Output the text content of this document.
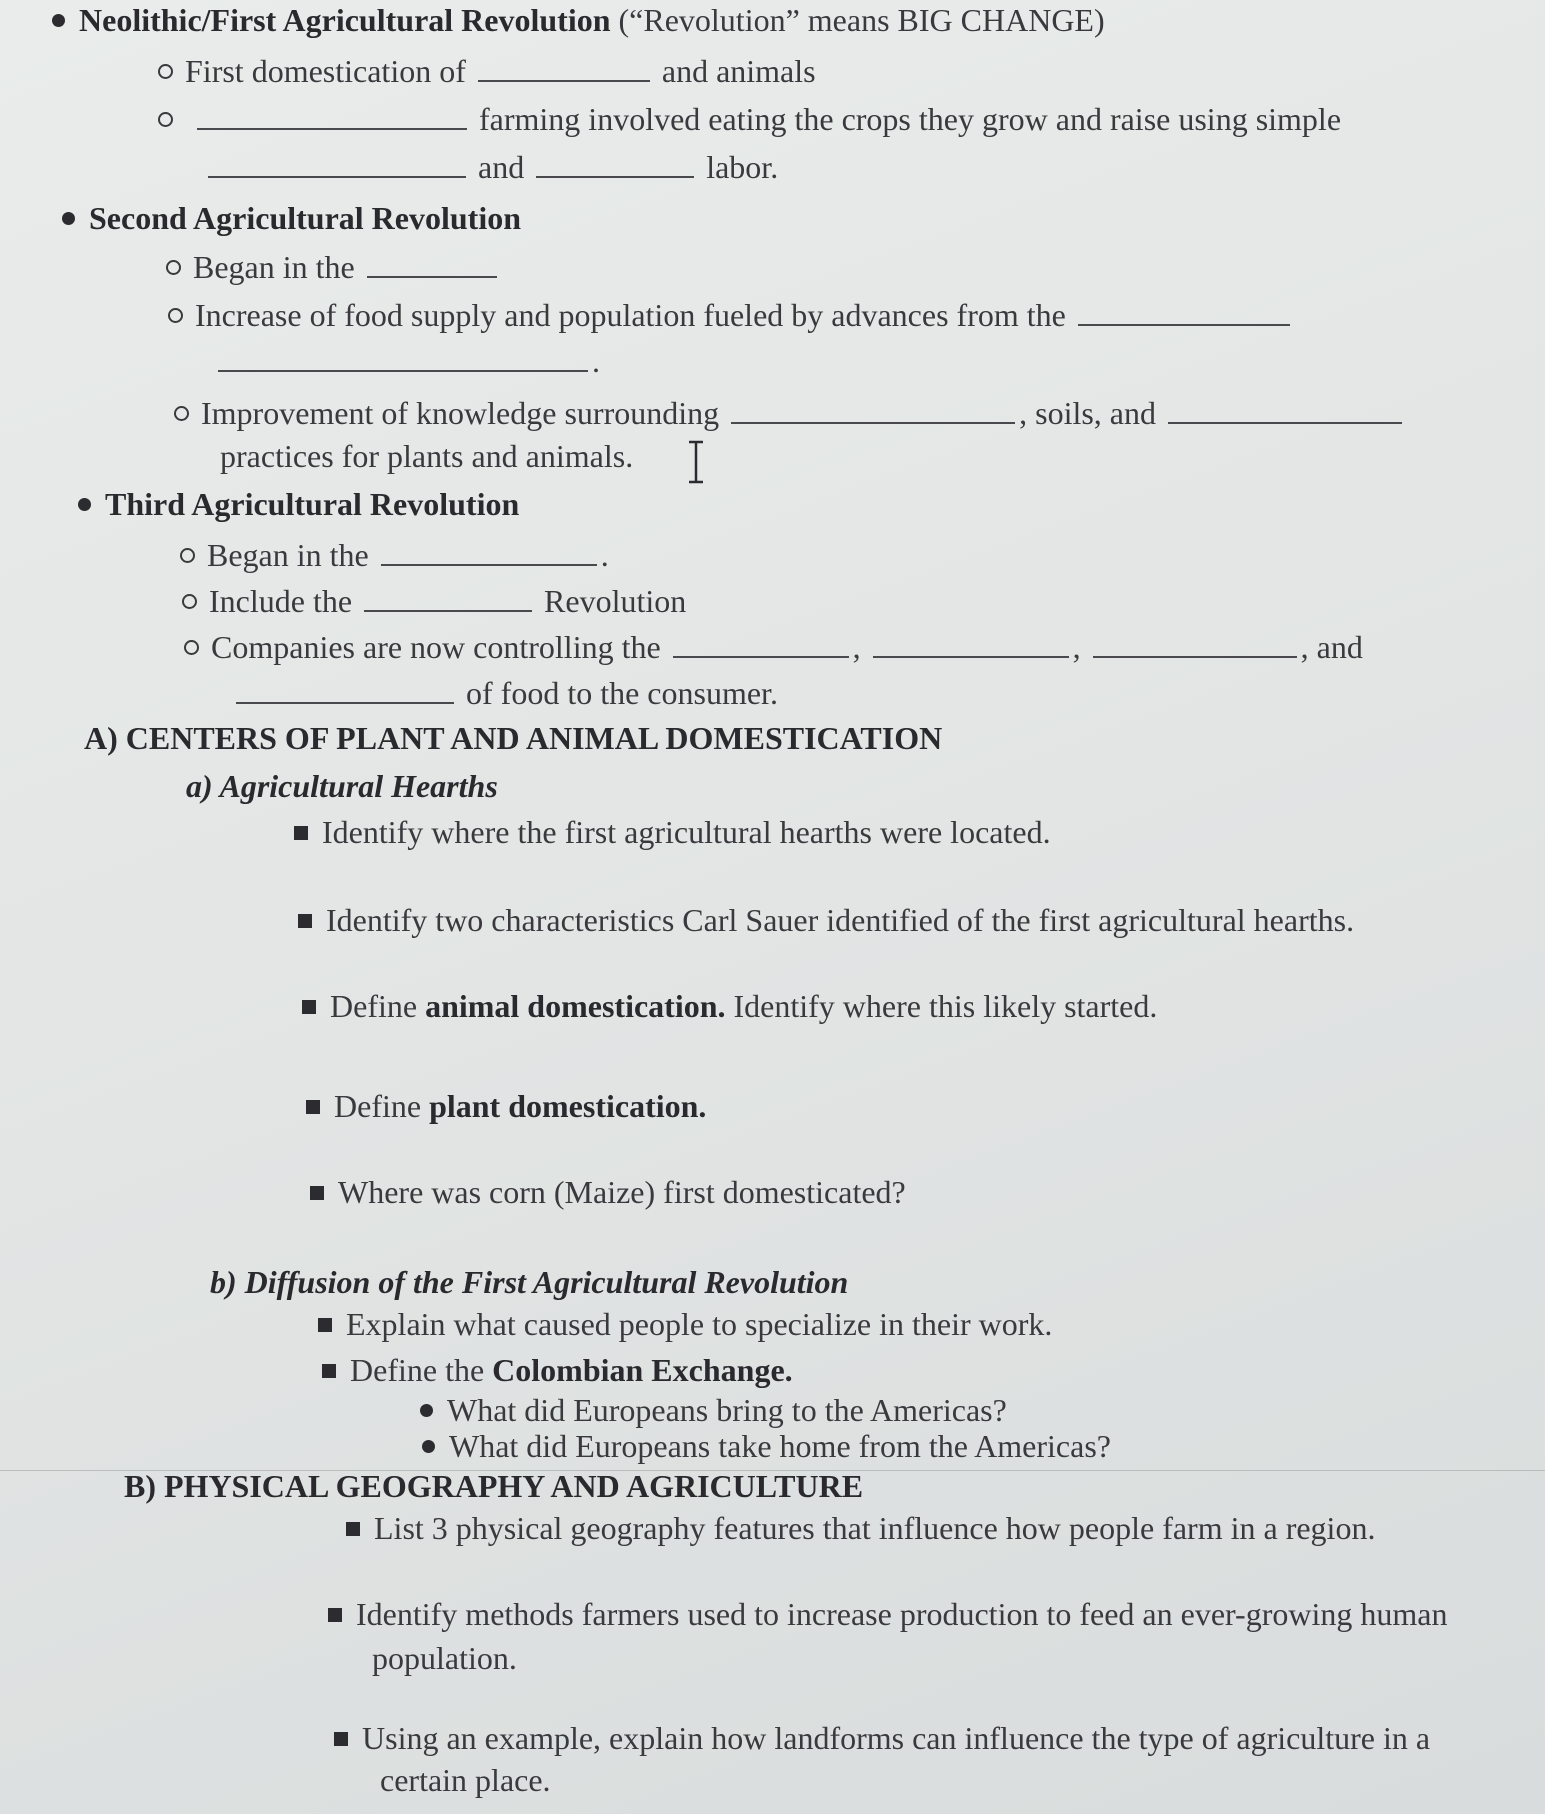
Neolithic/First Agricultural Revolution (“Revolution” means BIG CHANGE)
First domestication of	and animals
farming involved eating the crops they grow and raise using simple
and	labor.
Second Agricultural Revolution
Began in the
Increase of food supply and population fueled by advances from the
.
Improvement of knowledge surrounding	, soils, and
practices for plants and animals.
Third Agricultural Revolution
Began in the	.
Include the	Revolution
Companies are now controlling the	,	,	, and
of food to the consumer.
A) CENTERS OF PLANT AND ANIMAL DOMESTICATION
a) Agricultural Hearths
Identify where the first agricultural hearths were located.
Identify two characteristics Carl Sauer identified of the first agricultural hearths.
Define animal domestication. Identify where this likely started.
Define plant domestication.
Where was corn (Maize) first domesticated?
b) Diffusion of the First Agricultural Revolution
Explain what caused people to specialize in their work.
Define the Colombian Exchange.
What did Europeans bring to the Americas?
What did Europeans take home from the Americas?
B) PHYSICAL GEOGRAPHY AND AGRICULTURE
List 3 physical geography features that influence how people farm in a region.
Identify methods farmers used to increase production to feed an ever-growing human
population.
Using an example, explain how landforms can influence the type of agriculture in a
certain place.
